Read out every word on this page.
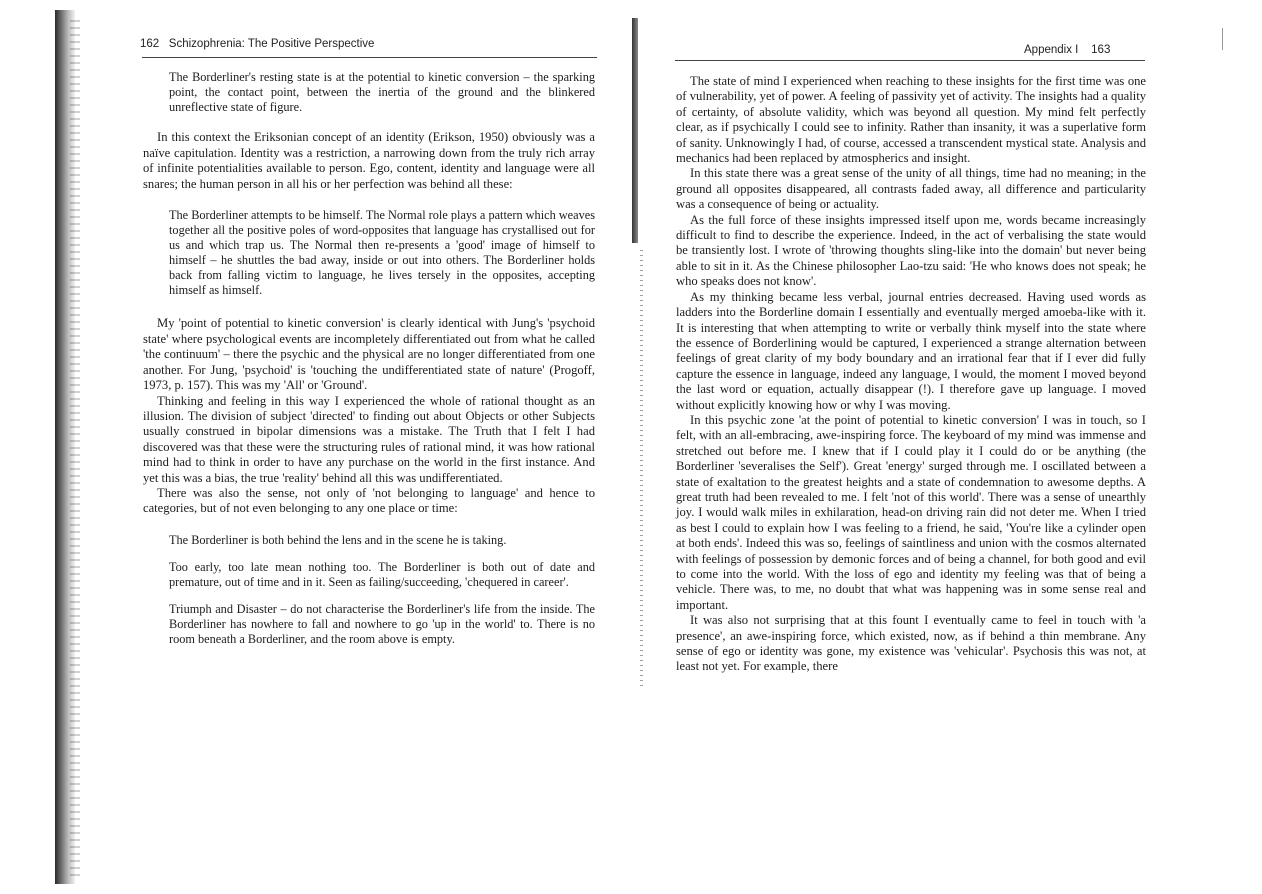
162 Schizophrenia: The Positive Perspective

The Borderliner's resting state is at the potential to kinetic conversion – the sparking point, the contact point, between the inertia of the ground and the blinkered unreflective state of figure.

In this context the Eriksonian concept of an identity (Erikson, 1950) obviously was a naïve capitulation. Identity was a restriction, a narrowing down from the truly rich array of infinite potentialities available to person. Ego, content, identity and language were all snares; the human person in all his or her perfection was behind all these:

The Borderliner attempts to be himself. The Normal role plays a pattern which weaves together all the positive poles of word-opposites that language has crystallised out for us and which trap us. The Normal then re-presents a 'good' image of himself to himself – he shuttles the bad away, inside or out into others. The Borderliner holds back from falling victim to language, he lives tersely in the opposites, accepting himself as himself.

My 'point of potential to kinetic conversion' is clearly identical with Jung's 'psychoid state' where psychological events are incompletely differentiated out from what he called 'the continuum' – there the psychic and the physical are no longer differentiated from one another. For Jung, 'psychoid' is 'touching the undifferentiated state of nature' (Progoff, 1973, p. 157). This was my 'All' or 'Ground'.

Thinking and feeling in this way I experienced the whole of rational thought as an illusion. The division of subject 'directed' to finding out about Objects or other Subjects usually construed in bipolar dimensions was a mistake. The Truth that I felt I had discovered was that these were the structuring rules of rational mind, it was how rational mind had to think in order to have any purchase on the world in the first instance. And yet this was a bias, the true 'reality' behind all this was undifferentiated.

There was also the sense, not only of 'not belonging to language' and hence to categories, but of not even belonging to any one place or time:

The Borderliner is both behind the lens and in the scene he is taking.

Too early, too late mean nothing too. The Borderliner is both out of date and premature, out of time and in it. Seen as failing/succeeding, 'chequered in career'.

Triumph and Disaster – do not characterise the Borderliner's life from the inside. The Borderliner has nowhere to fall and nowhere to go 'up in the world' to. There is no room beneath a Borderliner, and the room above is empty.

Appendix I 163

The state of mind I experienced when reaching to these insights for the first time was one of vulnerability, yet of power. A feeling of passivity yet of activity. The insights had a quality of certainty, of absolute validity, which was beyond all question. My mind felt perfectly clear, as if psychically I could see to infinity. Rather than insanity, it was a superlative form of sanity. Unknowingly I had, of course, accessed a transcendent mystical state. Analysis and mechanics had been replaced by atmospherics and insight.

In this state there was a great sense of the unity of all things, time had no meaning; in the ground all opposites disappeared, all contrasts faded away, all difference and particularity was a consequence of being or actuality.

As the full force of these insights impressed itself upon me, words became increasingly difficult to find to describe the experience. Indeed, in the act of verbalising the state would be transiently lost. I wrote of 'throwing thoughts sling-like into the domain' but never being able to sit in it. As the Chinese philosopher Lao-tzu said: 'He who knows does not speak; he who speaks does not know'.

As my thinking became less verbal, journal entries decreased. Having used words as ladders into the Borderline domain I essentially and eventually merged amoeba-like with it. It is interesting that when attempting to write or verbally think myself into the state where the essence of Borderlining would be captured, I experienced a strange alternation between feelings of great clarity of my body boundary and an irrational fear that if I ever did fully capture the essence in language, indeed any language, I would, the moment I moved beyond the last word or equation, actually disappear (!). I therefore gave up language. I moved without explicitly knowing how or why I was moving.

In this psychic zone 'at the point of potential to kinetic conversion' I was in touch, so I felt, with an all-embracing, awe-inspiring force. The keyboard of my mind was immense and stretched out before me. I knew that if I could play it I could do or be anything (the Borderliner 'severalises the Self'). Great 'energy' surged through me. I oscillated between a state of exaltation to the greatest heights and a state of condemnation to awesome depths. A great truth had been revealed to me. I felt 'not of this world'. There was a sense of unearthly joy. I would walk miles in exhilaration, head-on driving rain did not deter me. When I tried as best I could to explain how I was feeling to a friend, he said, 'You're like a cylinder open at both ends'. Indeed this was so, feelings of saintliness and union with the cosmos alternated with feelings of possession by demonic forces and of being a channel, for both good and evil to come into the world. With the loss of ego and identity my feeling was that of being a vehicle. There was, to me, no doubt that what was happening was in some sense real and important.

It was also not surprising that at this fount I eventually came to feel in touch with 'a presence', an awe-inspiring force, which existed, now, as if behind a thin membrane. Any sense of ego or identity was gone, my existence was 'vehicular'. Psychosis this was not, at least not yet. For example, there
